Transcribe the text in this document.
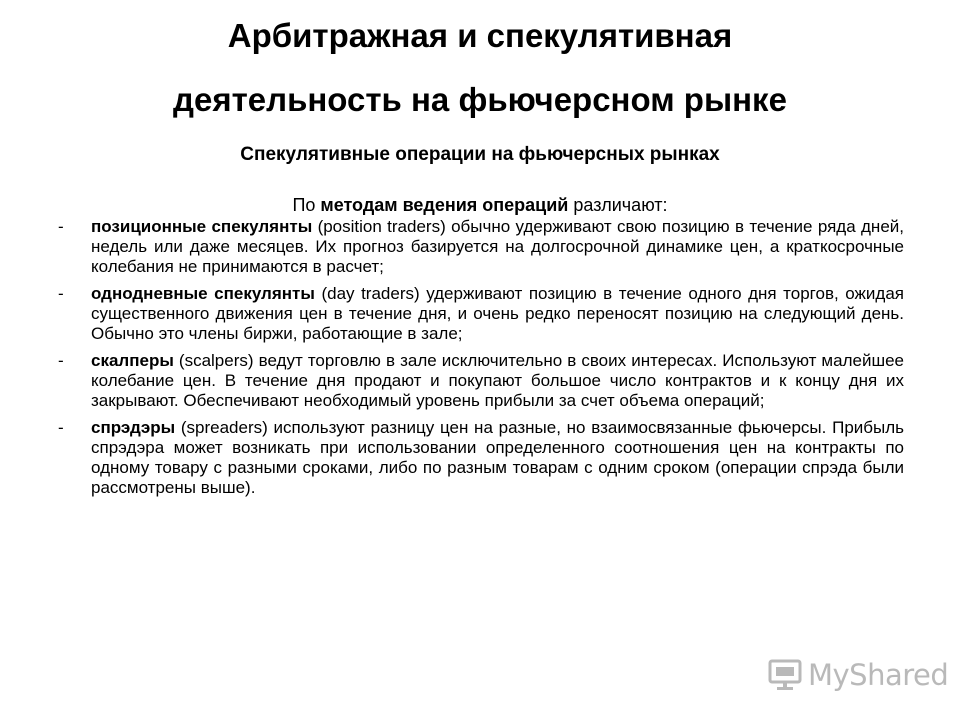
Арбитражная и спекулятивная
деятельность на фьючерсном рынке
Спекулятивные операции на фьючерсных рынках
По методам ведения операций различают:
- позиционные спекулянты (position traders) обычно удерживают свою позицию в течение ряда дней, недель или даже месяцев. Их прогноз базируется на долгосрочной динамике цен, а краткосрочные колебания не принимаются в расчет;
- однодневные спекулянты (day traders) удерживают позицию в течение одного дня торгов, ожидая существенного движения цен в течение дня, и очень редко переносят позицию на следующий день. Обычно это члены биржи, работающие в зале;
- скалперы (scalpers) ведут торговлю в зале исключительно в своих интересах. Используют малейшее колебание цен. В течение дня продают и покупают большое число контрактов и к концу дня их закрывают. Обеспечивают необходимый уровень прибыли за счет объема операций;
- спрэдэры (spreaders) используют разницу цен на разные, но взаимосвязанные фьючерсы. Прибыль спрэдэра может возникать при использовании определенного соотношения цен на контракты по одному товару с разными сроками, либо по разным товарам с одним сроком (операции спрэда были рассмотрены выше).
MyShared
